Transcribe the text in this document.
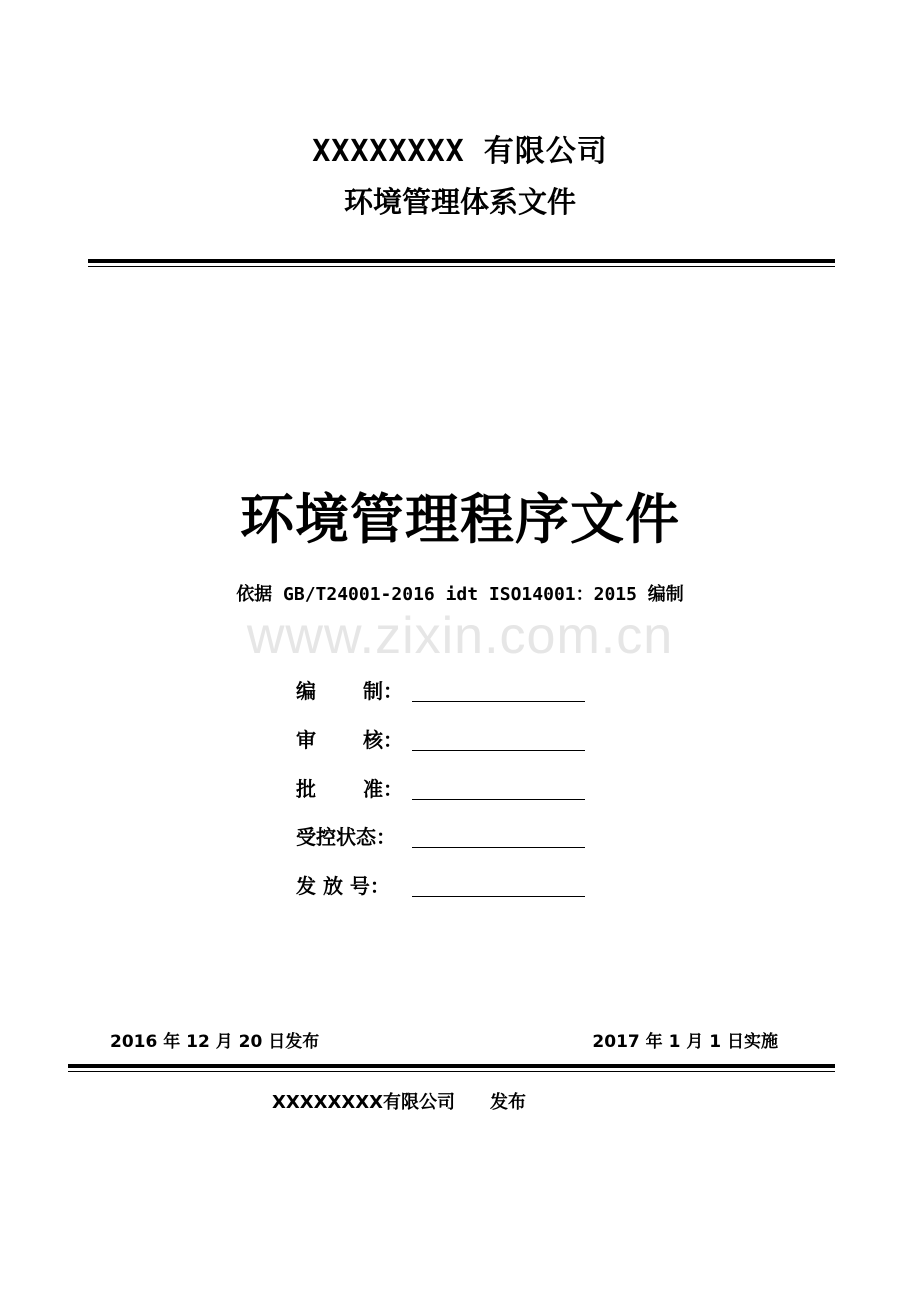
XXXXXXXX 有限公司
环境管理体系文件
环境管理程序文件
依据 GB/T24001-2016 idt ISO14001：2015 编制
www.zixin.com.cn
编　　 制：
审　　 核：
批　　 准：
受控状态：
发 放 号：
2016 年 12 月 20 日发布	2017 年 1 月 1 日实施
XXXXXXXX有限公司 发布
